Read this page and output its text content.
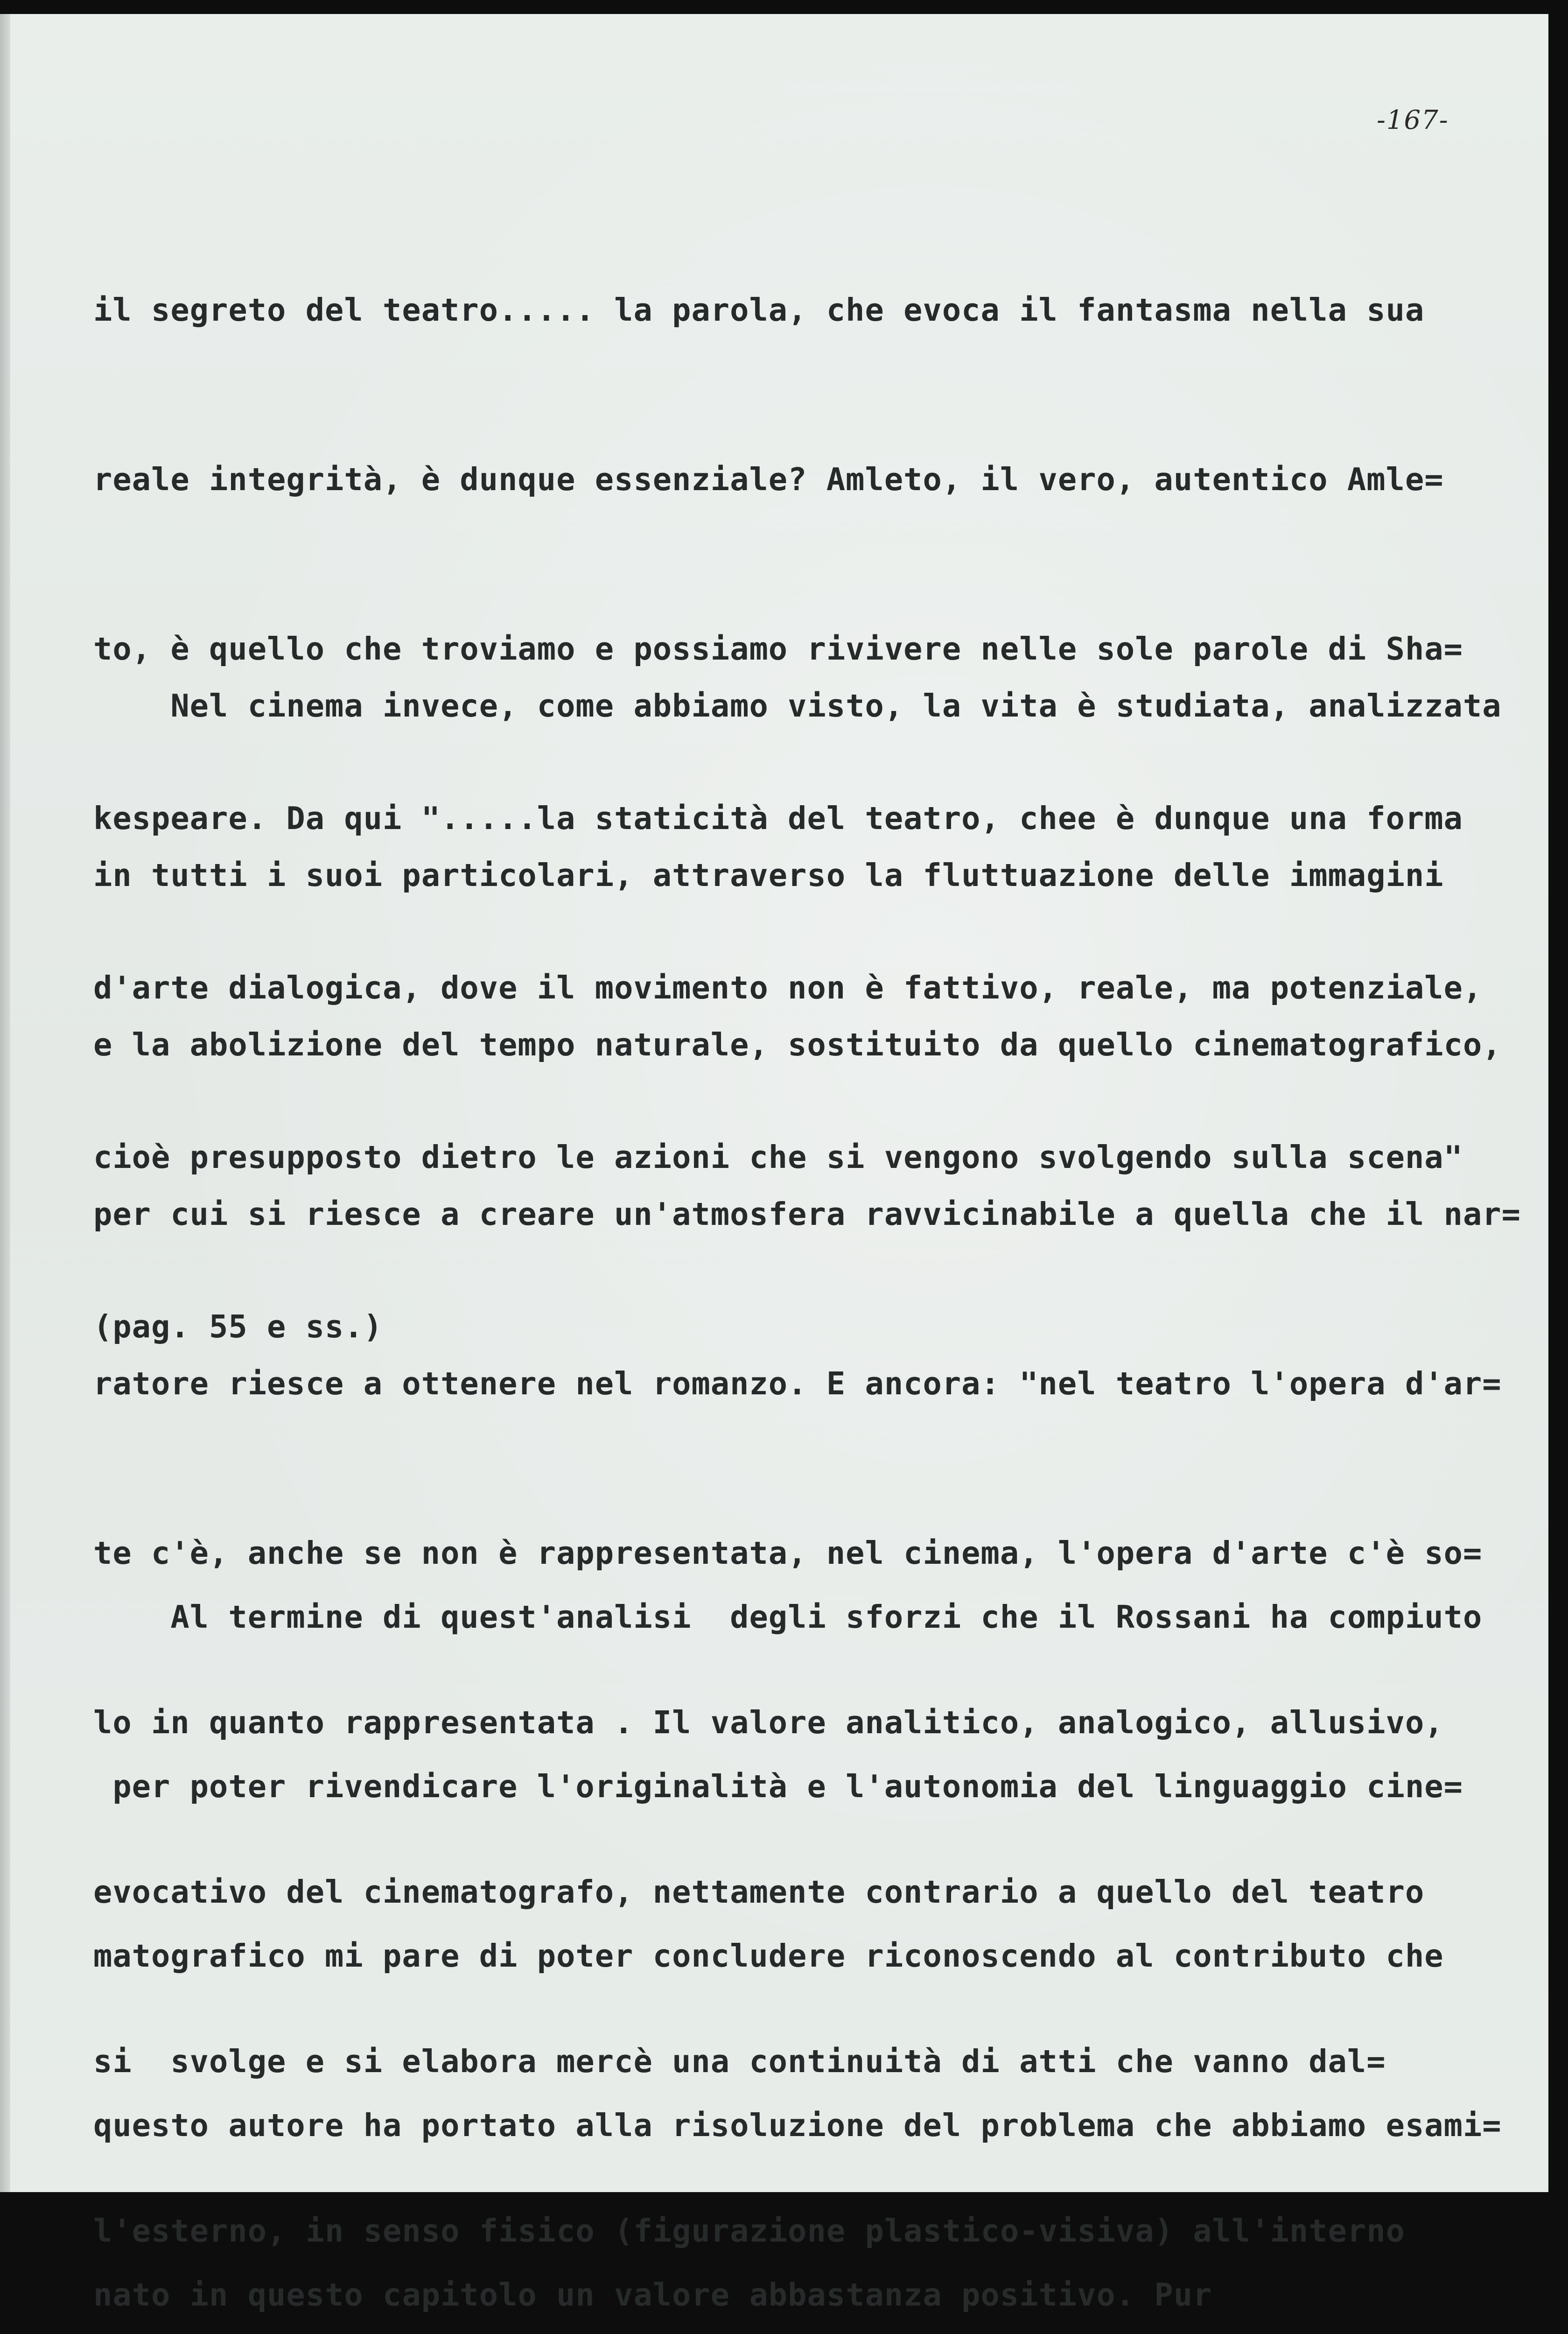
-167-

il segreto del teatro..... la parola, che evoca il fantasma nella sua

reale integrità, è dunque essenziale? Amleto, il vero, autentico Amle=

to, è quello che troviamo e possiamo rivivere nelle sole parole di Sha=

kespeare. Da qui ".....la staticità del teatro, chee è dunque una forma

d'arte dialogica, dove il movimento non è fattivo, reale, ma potenziale,

cioè presupposto dietro le azioni che si vengono svolgendo sulla scena"

(pag. 55 e ss.)

Nel cinema invece, come abbiamo visto, la vita è studiata, analizzata

in tutti i suoi particolari, attraverso la fluttuazione delle immagini

e la abolizione del tempo naturale, sostituito da quello cinematografico,

per cui si riesce a creare un'atmosfera ravvicinabile a quella che il nar=

ratore riesce a ottenere nel romanzo. E ancora: "nel teatro l'opera d'ar=

te c'è, anche se non è rappresentata, nel cinema, l'opera d'arte c'è so=

lo in quanto rappresentata . Il valore analitico, analogico, allusivo,

evocativo del cinematografo, nettamente contrario a quello del teatro

si  svolge e si elabora mercè una continuità di atti che vanno dal=

l'esterno, in senso fisico (figurazione plastico-visiva) all'interno

Al termine di quest'analisi  degli sforzi che il Rossani ha compiuto

per poter rivendicare l'originalità e l'autonomia del linguaggio cine=

matografico mi pare di poter concludere riconoscendo al contributo che

questo autore ha portato alla risoluzione del problema che abbiamo esami=

nato in questo capitolo un valore abbastanza positivo. Pur
